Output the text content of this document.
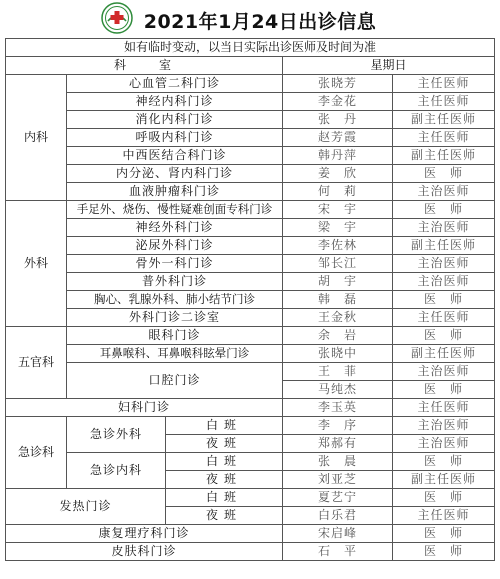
2021年1月24日出诊信息
如有临时变动，以当日实际出诊医师及时间为准				
科　　室			星期日	
内科	心血管二科门诊		张晓芳	主任医师
	神经内科门诊		李金花	主任医师
	消化内科门诊		张　丹	副主任医师
	呼吸内科门诊		赵芳霞	主任医师
	中西医结合科门诊		韩丹萍	副主任医师
	内分泌、肾内科门诊		姜　欣	医　师
	血液肿瘤科门诊		何　莉	主治医师
外科	手足外、烧伤、慢性疑难创面专科门诊		宋　宇	医　师
	神经外科门诊		梁　宇	主治医师
	泌尿外科门诊		李佐林	副主任医师
	骨外一科门诊		邹长江	主治医师
	普外科门诊		胡　宇	主治医师
	胸心、乳腺外科、肺小结节门诊		韩　磊	医　师
	外科门诊二诊室		王金秋	主任医师
五官科	眼科门诊		余　岩	医　师
	耳鼻喉科、耳鼻喉科眩晕门诊		张晓中	副主任医师
	口腔门诊		王　菲	主治医师
			马纯杰	医　师
妇科门诊			李玉英	主任医师
急诊科	急诊外科	白班	李　序	主治医师
		夜班	郑郝有	主治医师
	急诊内科	白班	张　晨	医　师
		夜班	刘亚芝	副主任医师
发热门诊		白班	夏艺宁	医　师
		夜班	白乐君	主任医师
康复理疗科门诊			宋启峰	医　师
皮肤科门诊			石　平	医　师
